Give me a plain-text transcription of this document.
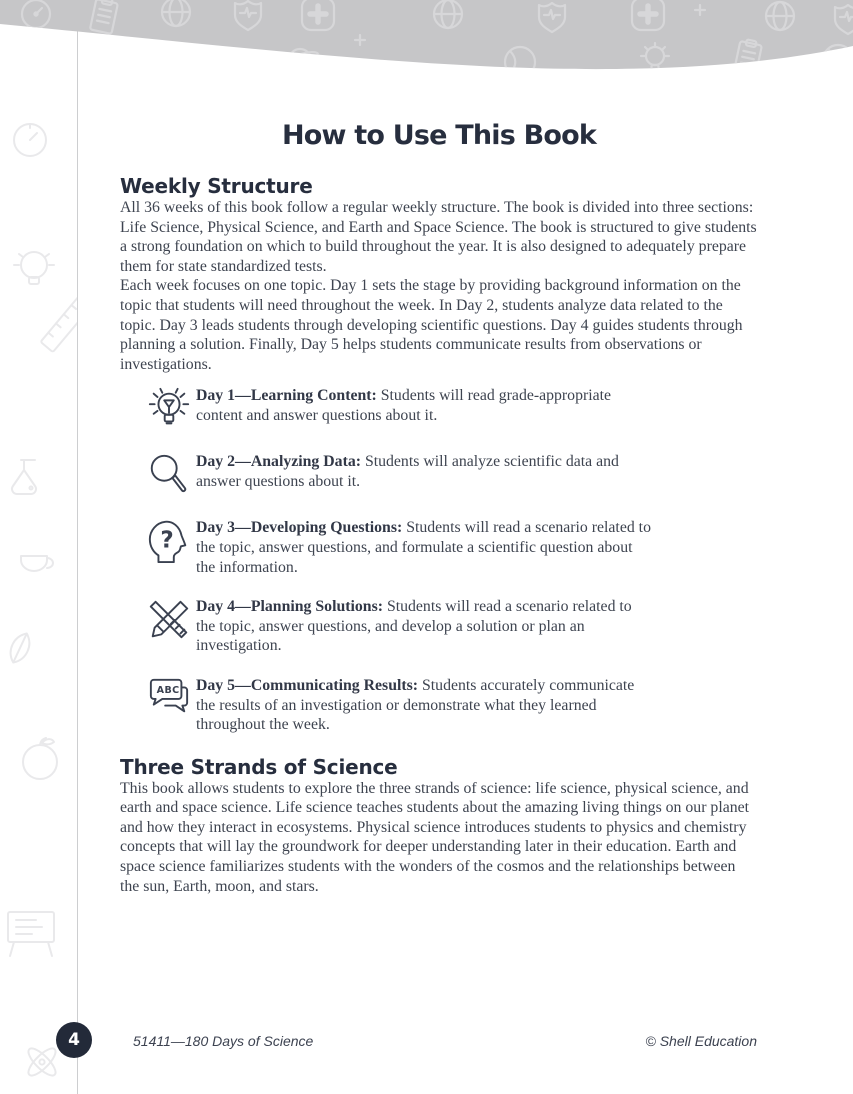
How to Use This Book
Weekly Structure

All 36 weeks of this book follow a regular weekly structure. The book is divided into three sections: Life Science, Physical Science, and Earth and Space Science. The book is structured to give students a strong foundation on which to build throughout the year. It is also designed to adequately prepare them for state standardized tests.

Each week focuses on one topic. Day 1 sets the stage by providing background information on the topic that students will need throughout the week. In Day 2, students analyze data related to the topic. Day 3 leads students through developing scientific questions. Day 4 guides students through planning a solution. Finally, Day 5 helps students communicate results from observations or investigations.

Day 1—Learning Content: Students will read grade-appropriate content and answer questions about it.
Day 2—Analyzing Data: Students will analyze scientific data and answer questions about it.
?
Day 3—Developing Questions: Students will read a scenario related to the topic, answer questions, and formulate a scientific question about the information.
Day 4—Planning Solutions: Students will read a scenario related to the topic, answer questions, and develop a solution or plan an investigation.
ABC Day 5—Communicating Results: Students accurately communicate the results of an investigation or demonstrate what they learned throughout the week.
Three Strands of Science

This book allows students to explore the three strands of science: life science, physical science, and earth and space science. Life science teaches students about the amazing living things on our planet and how they interact in ecosystems. Physical science introduces students to physics and chemistry concepts that will lay the groundwork for deeper understanding later in their education. Earth and space science familiarizes students with the wonders of the cosmos and the relationships between the sun, Earth, moon, and stars.

4	51411—180 Days of Science	© Shell Education
